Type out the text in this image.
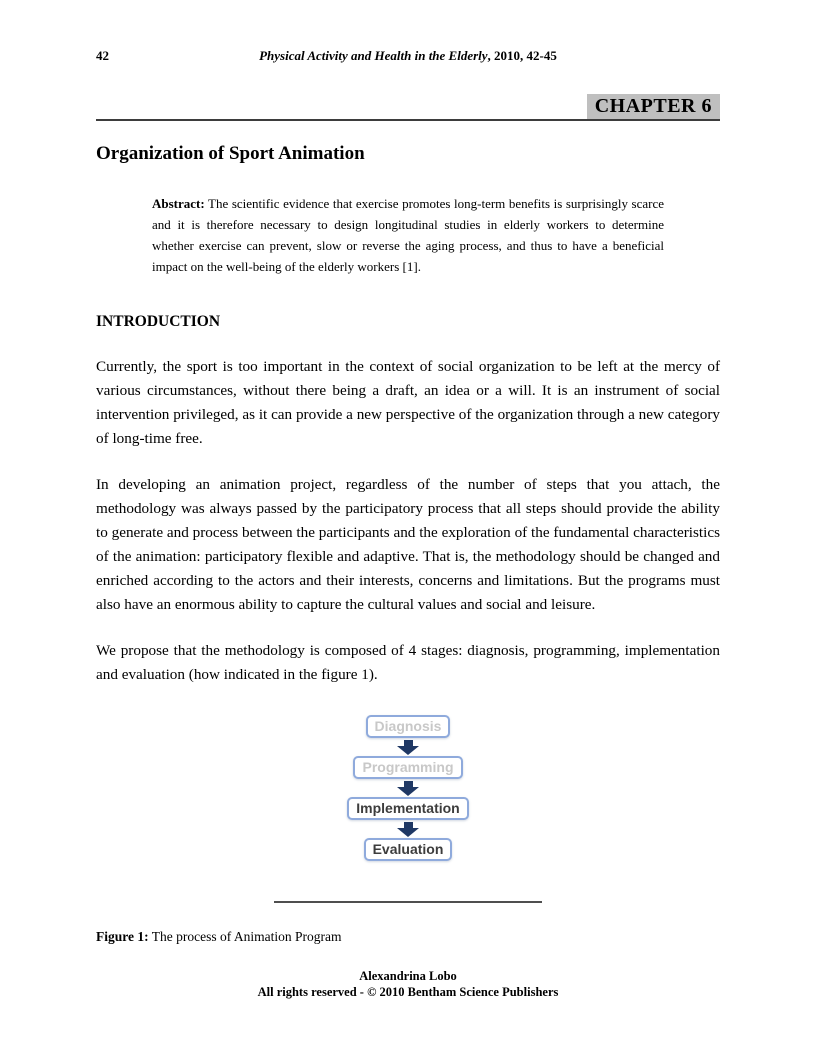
42	Physical Activity and Health in the Elderly, 2010, 42-45
CHAPTER 6
Organization of Sport Animation

Abstract: The scientific evidence that exercise promotes long-term benefits is surprisingly scarce and it is therefore necessary to design longitudinal studies in elderly workers to determine whether exercise can prevent, slow or reverse the aging process, and thus to have a beneficial impact on the well-being of the elderly workers [1].

INTRODUCTION

Currently, the sport is too important in the context of social organization to be left at the mercy of various circumstances, without there being a draft, an idea or a will. It is an instrument of social intervention privileged, as it can provide a new perspective of the organization through a new category of long-time free.

In developing an animation project, regardless of the number of steps that you attach, the methodology was always passed by the participatory process that all steps should provide the ability to generate and process between the participants and the exploration of the fundamental characteristics of the animation: participatory flexible and adaptive. That is, the methodology should be changed and enriched according to the actors and their interests, concerns and limitations. But the programs must also have an enormous ability to capture the cultural values and social and leisure.

We propose that the methodology is composed of 4 stages: diagnosis, programming, implementation and evaluation (how indicated in the figure 1).

Diagnosis
Programming
Implementation
Evaluation

Figure 1: The process of Animation Program

Alexandrina Lobo
All rights reserved - © 2010 Bentham Science Publishers
